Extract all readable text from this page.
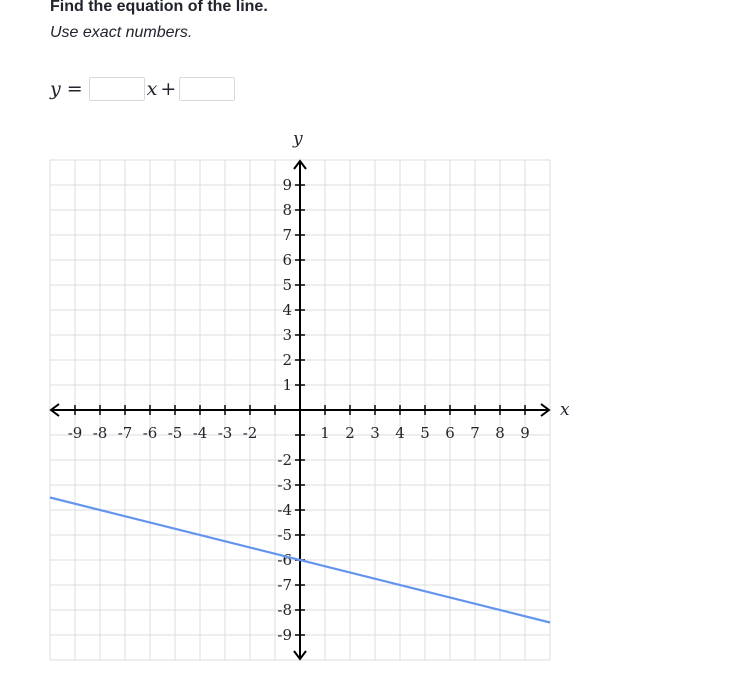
Find the equation of the line.
Use exact numbers.
y =	x +
-9 -8 -7 -6 -5 -4 -3 -2	1 2 3 4 5 6 7 8 9
9
8
7
6
5
4
3
2
1
-2
-3
-4
-5
-6
-7
-8
-9
x
y
